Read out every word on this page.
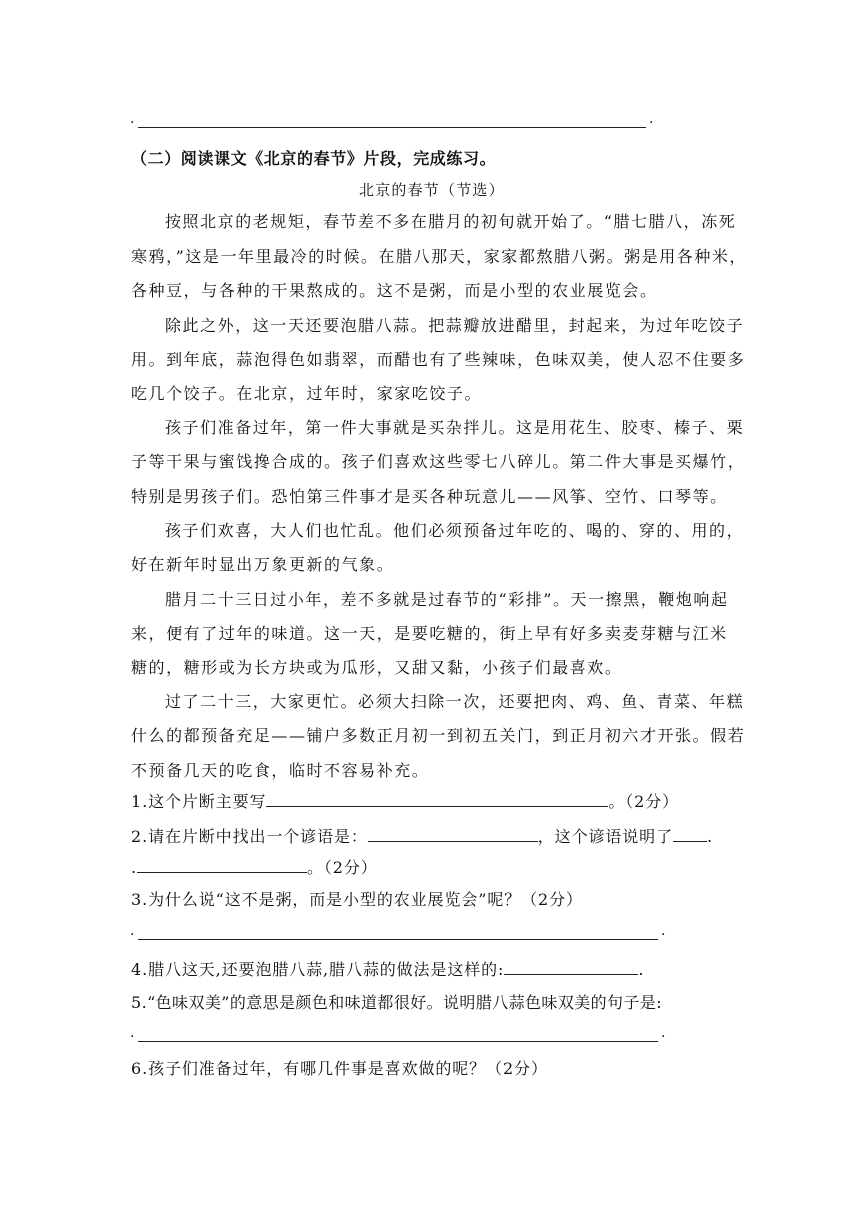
.	.
（二）阅读课文《北京的春节》片段，完成练习。
北京的春节（节选）
按照北京的老规矩，春节差不多在腊月的初旬就开始了。“腊七腊八，冻死
寒鸦，”这是一年里最冷的时候。在腊八那天，家家都熬腊八粥。粥是用各种米，
各种豆，与各种的干果熬成的。这不是粥，而是小型的农业展览会。
除此之外，这一天还要泡腊八蒜。把蒜瓣放进醋里，封起来，为过年吃饺子
用。到年底，蒜泡得色如翡翠，而醋也有了些辣味，色味双美，使人忍不住要多
吃几个饺子。在北京，过年时，家家吃饺子。
孩子们准备过年，第一件大事就是买杂拌儿。这是用花生、胶枣、榛子、栗
子等干果与蜜饯搀合成的。孩子们喜欢这些零七八碎儿。第二件大事是买爆竹，
特别是男孩子们。恐怕第三件事才是买各种玩意儿——风筝、空竹、口琴等。
孩子们欢喜，大人们也忙乱。他们必须预备过年吃的、喝的、穿的、用的，
好在新年时显出万象更新的气象。
腊月二十三日过小年，差不多就是过春节的“彩排”。天一擦黑，鞭炮响起
来，便有了过年的味道。这一天，是要吃糖的，街上早有好多卖麦芽糖与江米
糖的，糖形或为长方块或为瓜形，又甜又黏，小孩子们最喜欢。
过了二十三，大家更忙。必须大扫除一次，还要把肉、鸡、鱼、青菜、年糕
什么的都预备充足——铺户多数正月初一到初五关门，到正月初六才开张。假若
不预备几天的吃食，临时不容易补充。
1.这个片断主要写	。（2分）
2.请在片断中找出一个谚语是：	，这个谚语说明了 .
.	。（2分）
3.为什么说“这不是粥，而是小型的农业展览会”呢？（2分）
.	.
4.腊八这天,还要泡腊八蒜,腊八蒜的做法是这样的:	.
5.“色味双美”的意思是颜色和味道都很好。说明腊八蒜色味双美的句子是:
.	.
6.孩子们准备过年，有哪几件事是喜欢做的呢？（2分）
